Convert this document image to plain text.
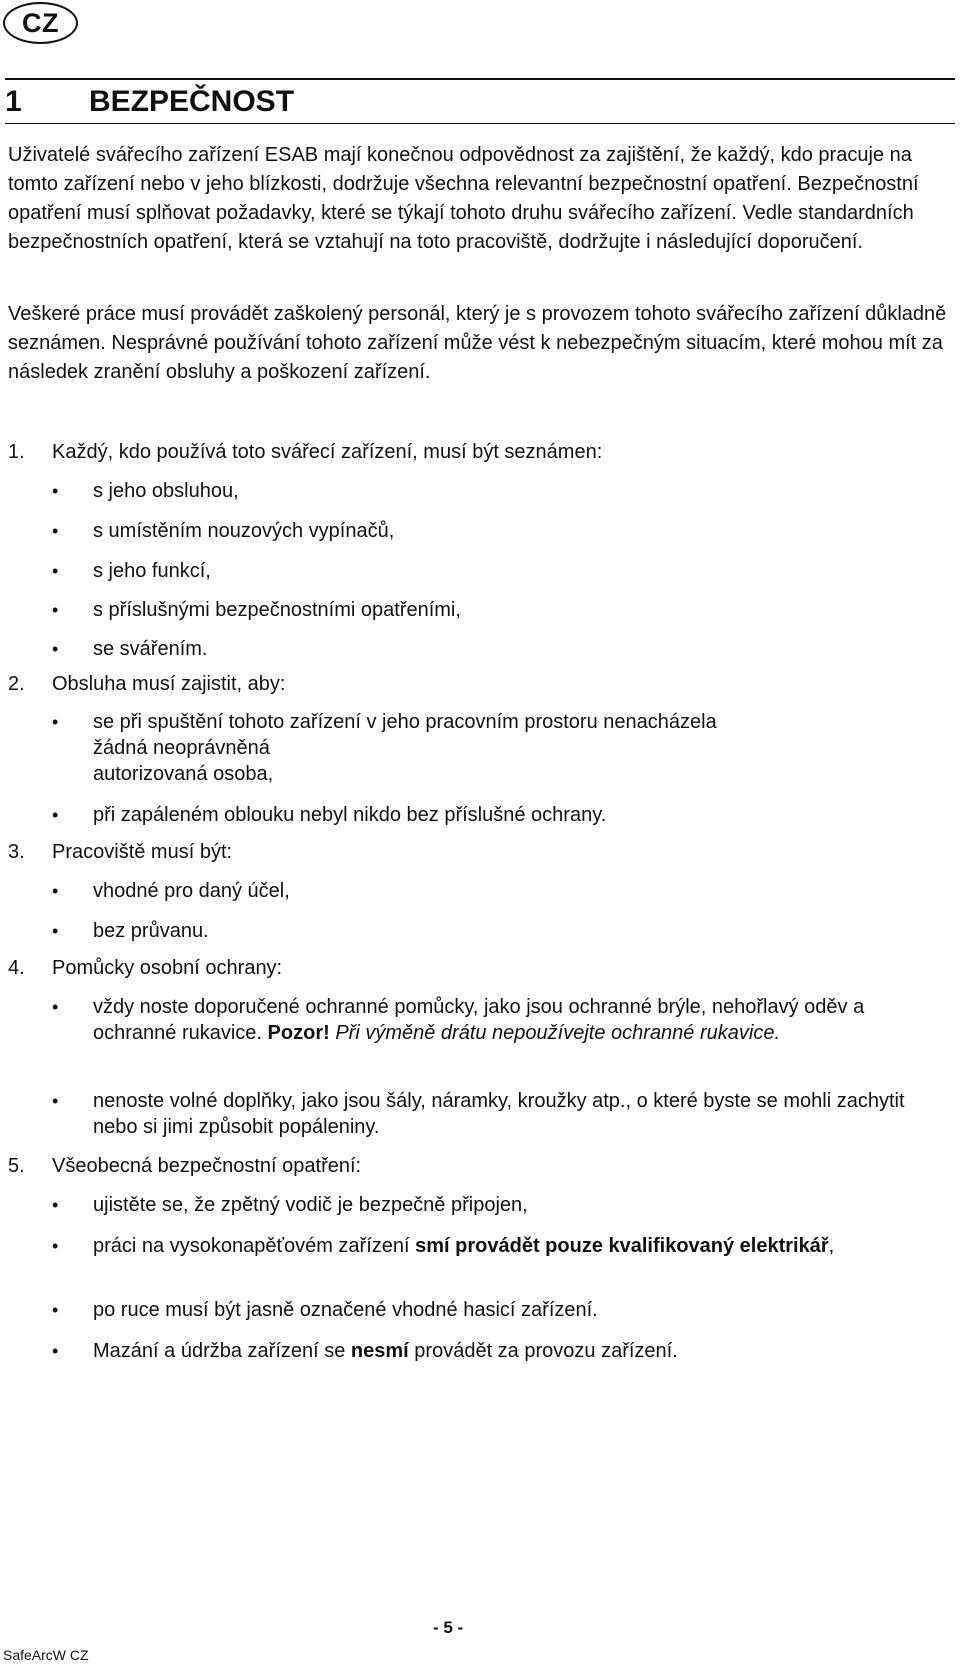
CZ
1 BEZPEČNOST
Uživatelé svářecího zařízení ESAB mají konečnou odpovědnost za zajištění, že každý, kdo pracuje na tomto zařízení nebo v jeho blízkosti, dodržuje všechna relevantní bezpečnostní opatření. Bezpečnostní opatření musí splňovat požadavky, které se týkají tohoto druhu svářecího zařízení. Vedle standardních bezpečnostních opatření, která se vztahují na toto pracoviště, dodržujte i následující doporučení.
Veškeré práce musí provádět zaškolený personál, který je s provozem tohoto svářecího zařízení důkladně seznámen. Nesprávné používání tohoto zařízení může vést k nebezpečným situacím, které mohou mít za následek zranění obsluhy a poškození zařízení.
1. Každý, kdo používá toto svářecí zařízení, musí být seznámen:
•	s jeho obsluhou,
•	s umístěním nouzových vypínačů,
•	s jeho funkcí,
•	s příslušnými bezpečnostními opatřeními,
•	se svářením.
2. Obsluha musí zajistit, aby:
•	se při spuštění tohoto zařízení v jeho pracovním prostoru nenacházela
žádná neoprávněná
autorizovaná osoba,
•	při zapáleném oblouku nebyl nikdo bez příslušné ochrany.
3. Pracoviště musí být:
•	vhodné pro daný účel,
•	bez průvanu.
4. Pomůcky osobní ochrany:
•	vždy noste doporučené ochranné pomůcky, jako jsou ochranné brýle, nehořlavý oděv a ochranné rukavice. Pozor! Při výměně drátu nepoužívejte ochranné rukavice.
•	nenoste volné doplňky, jako jsou šály, náramky, kroužky atp., o které byste se mohli zachytit nebo si jimi způsobit popáleniny.
5. Všeobecná bezpečnostní opatření:
•	ujistěte se, že zpětný vodič je bezpečně připojen,
•	práci na vysokonapěťovém zařízení smí provádět pouze kvalifikovaný elektrikář,
•	po ruce musí být jasně označené vhodné hasicí zařízení.
•	Mazání a údržba zařízení se nesmí provádět za provozu zařízení.
- 5 -
SafeArcW CZ
